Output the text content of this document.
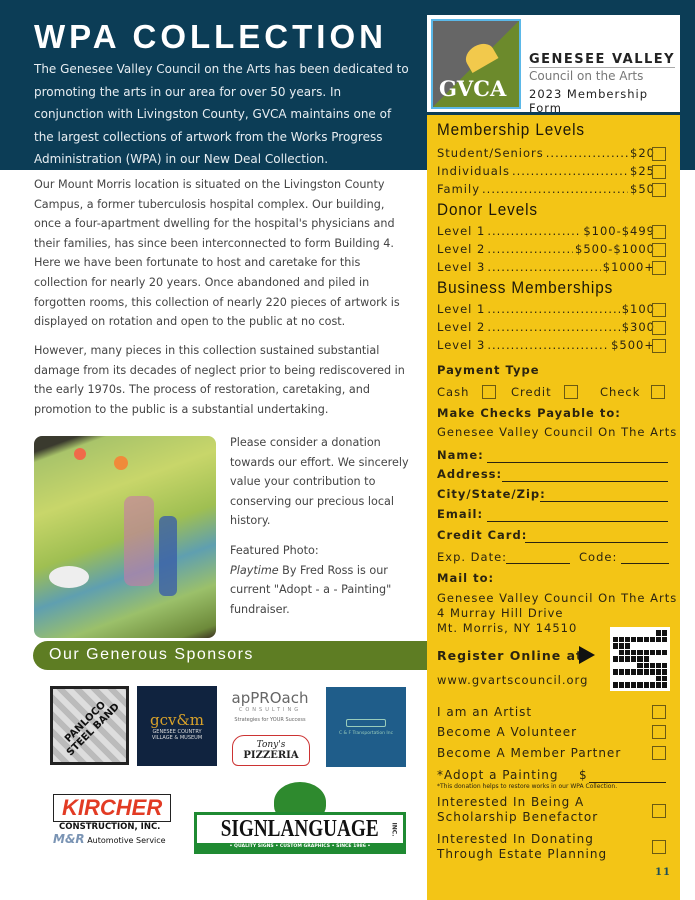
WPA COLLECTION

The Genesee Valley Council on the Arts has been dedicated to promoting the arts in our area for over 50 years. In conjunction with Livingston County, GVCA maintains one of the largest collections of artwork from the Works Progress Administration (WPA) in our New Deal Collection.

Our Mount Morris location is situated on the Livingston County Campus, a former tuberculosis hospital complex. Our building, once a four-apartment dwelling for the hospital's physicians and their families, has since been interconnected to form Building 4. Here we have been fortunate to host and caretake for this collection for nearly 20 years. Once abandoned and piled in forgotten rooms, this collection of nearly 220 pieces of artwork is displayed on rotation and open to the public at no cost.

However, many pieces in this collection sustained substantial damage from its decades of neglect prior to being rediscovered in the early 1970s. The process of restoration, caretaking, and promotion to the public is a substantial undertaking.

Please consider a donation towards our effort. We sincerely value your contribution to conserving our precious local history.

Featured Photo:

Playtime By Fred Ross is our current "Adopt - a - Painting" fundraiser.

Our Generous Sponsors
PANLOCO STEEL BAND gcv&m
GENESEE COUNTRY VILLAGE & MUSEUM
apPROach
CONSULTING
Strategies for YOUR Success
Tony's
PIZZERIA
C & F Transportation Inc
KIRCHER
CONSTRUCTION, INC.
M&R Automotive Service SIGNLANGUAGE INC.
• QUALITY SIGNS • CUSTOM GRAPHICS • SINCE 1986 •
GVCA
GENESEE VALLEY
Council on the Arts
2023 Membership Form
Membership Levels
Student/Seniors .....	$20
Individuals .....	$25
Family .....	$50
Donor Levels
Level 1 .....	$100-$499
Level 2 .....	$500-$1000
Level 3 .....	$1000+
Business Memberships
Level 1 .....	$100
Level 2 .....	$300
Level 3 .....	$500+
Payment Type
Cash	Credit	Check
Make Checks Payable to:
Genesee Valley Council On The Arts
Name:
Address:
City/State/Zip:
Email:
Credit Card:
Exp. Date:	Code:
Mail to:
Genesee Valley Council On The Arts
4 Murray Hill Drive
Mt. Morris, NY 14510
Register Online at
www.gvartscouncil.org
I am an Artist
Become A Volunteer
Become A Member Partner
*Adopt a Painting $
*This donation helps to restore works in our WPA Collection.
Interested In Being A
Scholarship Benefactor
Interested In Donating
Through Estate Planning
11
